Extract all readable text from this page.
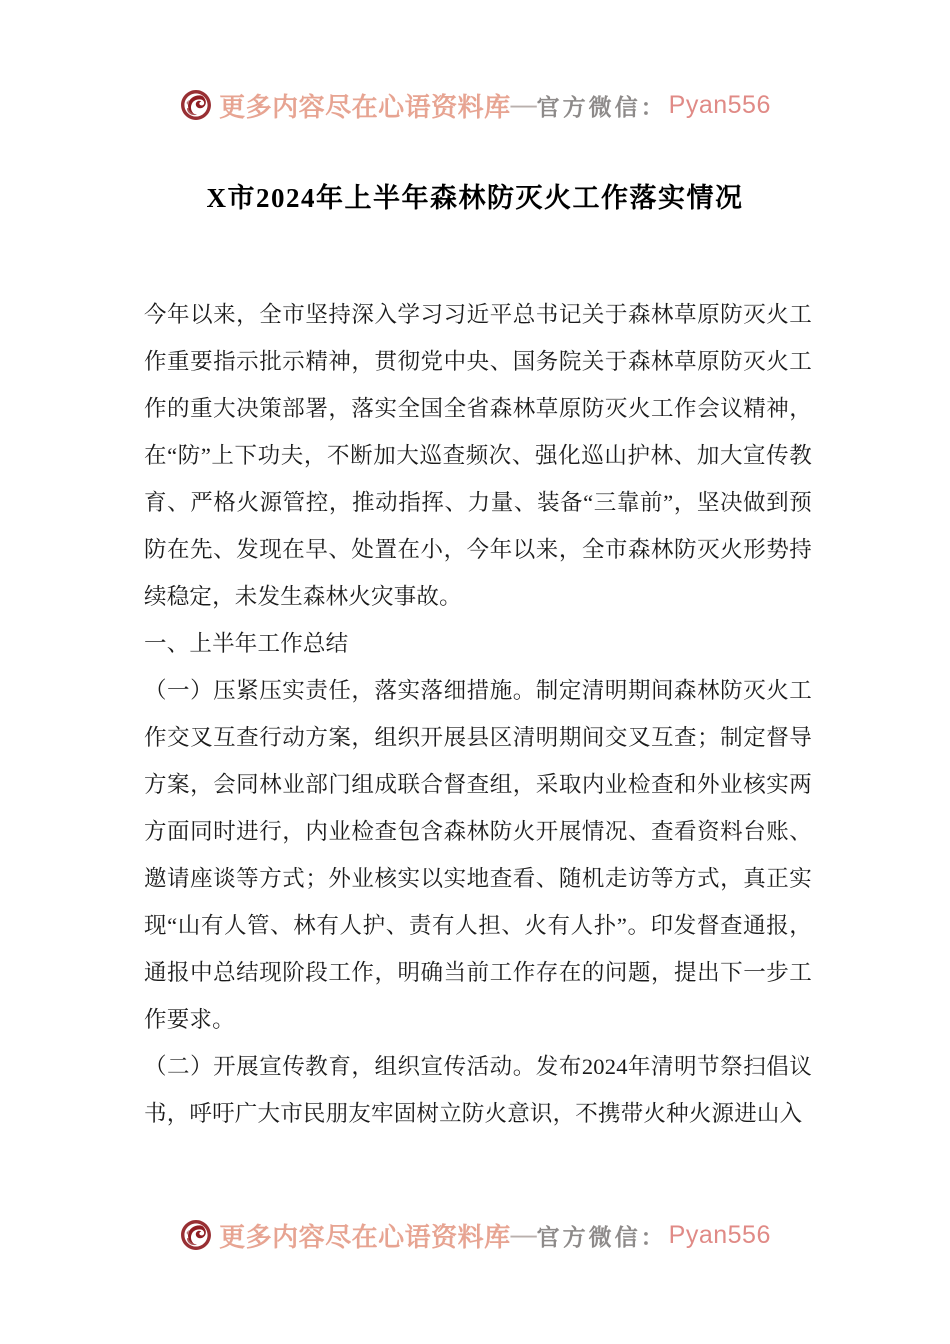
更多内容尽在心语资料库 — 官方微信： Pyan556
X市2024年上半年森林防灭火工作落实情况

今年以来，全市坚持深入学习习近平总书记关于森林草原防灭火工作重要指示批示精神，贯彻党中央、国务院关于森林草原防灭火工作的重大决策部署，落实全国全省森林草原防灭火工作会议精神，在“防”上下功夫，不断加大巡查频次、强化巡山护林、加大宣传教育、严格火源管控，推动指挥、力量、装备“三靠前”，坚决做到预防在先、发现在早、处置在小，今年以来，全市森林防灭火形势持续稳定，未发生森林火灾事故。

一、上半年工作总结

（一）压紧压实责任，落实落细措施。制定清明期间森林防灭火工作交叉互查行动方案，组织开展县区清明期间交叉互查；制定督导方案，会同林业部门组成联合督查组，采取内业检查和外业核实两方面同时进行，内业检查包含森林防火开展情况、查看资料台账、邀请座谈等方式；外业核实以实地查看、随机走访等方式，真正实现“山有人管、林有人护、责有人担、火有人扑”。印发督查通报，通报中总结现阶段工作，明确当前工作存在的问题，提出下一步工作要求。

（二）开展宣传教育，组织宣传活动。发布2024年清明节祭扫倡议书，呼吁广大市民朋友牢固树立防火意识，不携带火种火源进山入

更多内容尽在心语资料库 — 官方微信： Pyan556
